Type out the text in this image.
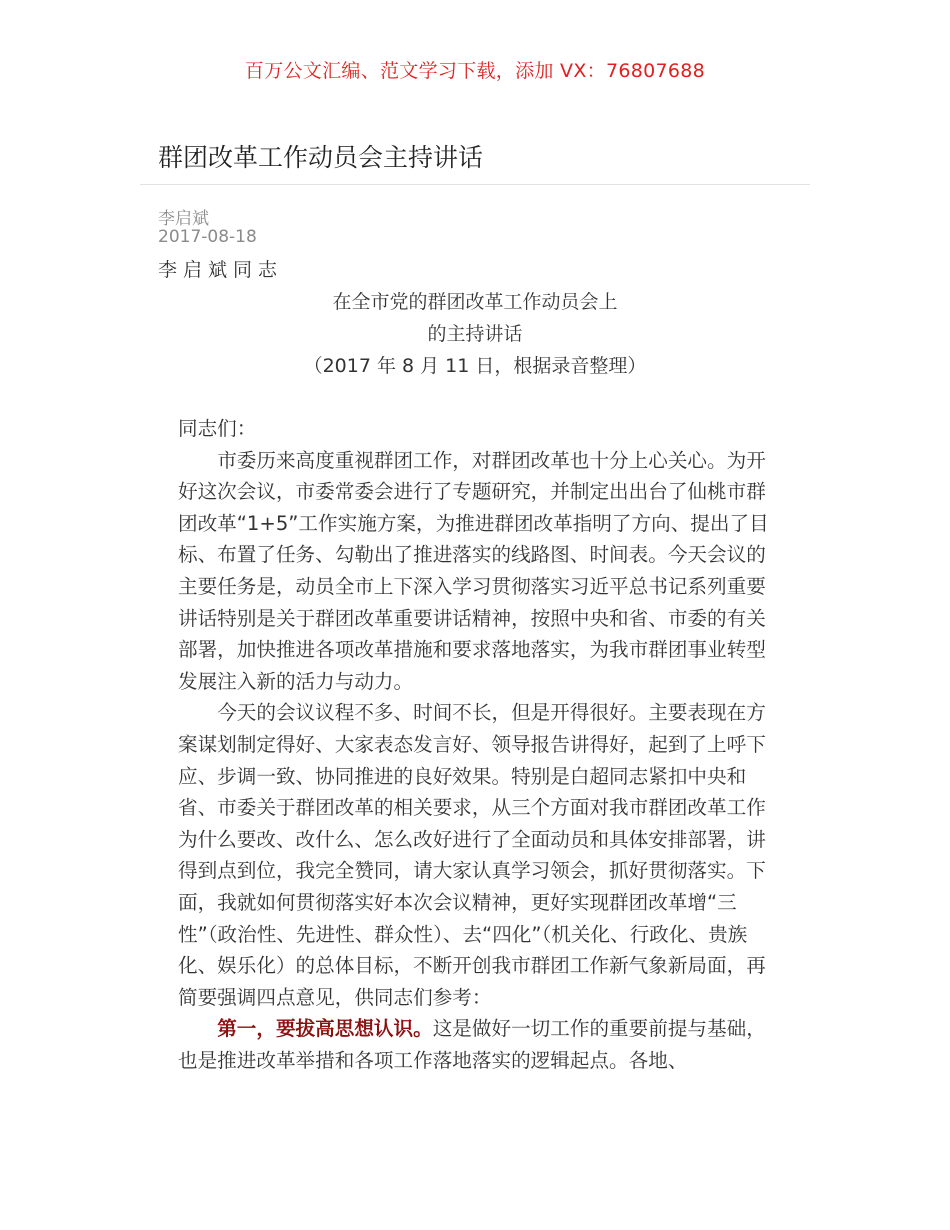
百万公文汇编、范文学习下载，添加 VX：76807688
群团改革工作动员会主持讲话
李启斌
2017-08-18
李启斌同志
在全市党的群团改革工作动员会上
的主持讲话
（2017 年 8 月 11 日，根据录音整理）

同志们：

市委历来高度重视群团工作，对群团改革也十分上心关心。为开好这次会议，市委常委会进行了专题研究，并制定出出台了仙桃市群团改革“1+5”工作实施方案，为推进群团改革指明了方向、提出了目标、布置了任务、勾勒出了推进落实的线路图、时间表。今天会议的主要任务是，动员全市上下深入学习贯彻落实习近平总书记系列重要讲话特别是关于群团改革重要讲话精神，按照中央和省、市委的有关部署，加快推进各项改革措施和要求落地落实，为我市群团事业转型发展注入新的活力与动力。

今天的会议议程不多、时间不长，但是开得很好。主要表现在方案谋划制定得好、大家表态发言好、领导报告讲得好，起到了上呼下应、步调一致、协同推进的良好效果。特别是白超同志紧扣中央和省、市委关于群团改革的相关要求，从三个方面对我市群团改革工作为什么要改、改什么、怎么改好进行了全面动员和具体安排部署，讲得到点到位，我完全赞同，请大家认真学习领会，抓好贯彻落实。下面，我就如何贯彻落实好本次会议精神，更好实现群团改革增“三性”（政治性、先进性、群众性）、去“四化”（机关化、行政化、贵族化、娱乐化）的总体目标，不断开创我市群团工作新气象新局面，再简要强调四点意见，供同志们参考：

第一，要拔高思想认识。这是做好一切工作的重要前提与基础，也是推进改革举措和各项工作落地落实的逻辑起点。各地、
